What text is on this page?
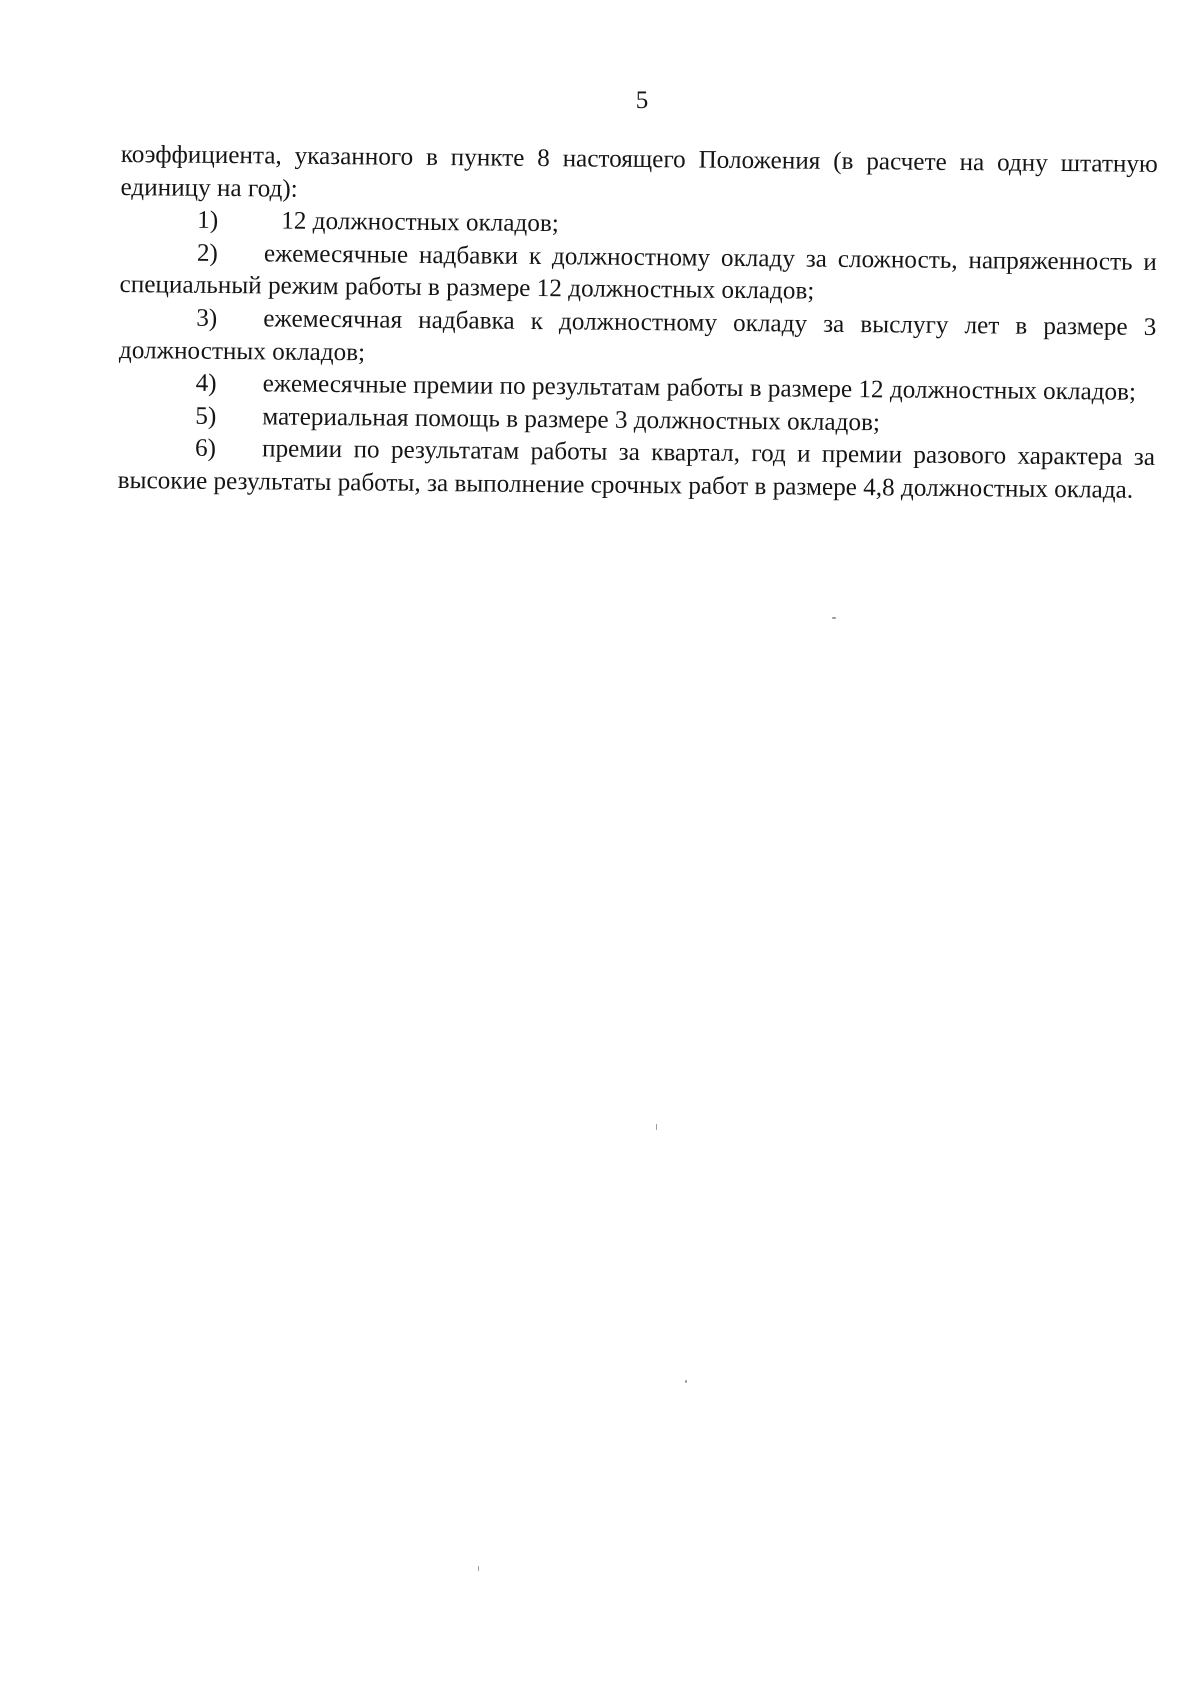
5

коэффициента, указанного в пункте 8 настоящего Положения (в расчете на одну штатную единицу на год):

1) 12 должностных окладов;

2) ежемесячные надбавки к должностному окладу за сложность, напряженность и специальный режим работы в размере 12 должностных окладов;

3) ежемесячная надбавка к должностному окладу за выслугу лет в размере 3 должностных окладов;

4) ежемесячные премии по результатам работы в размере 12 должностных окладов;

5) материальная помощь в размере 3 должностных окладов;

6) премии по результатам работы за квартал, год и премии разового характера за высокие результаты работы, за выполнение срочных работ в размере 4,8 должностных оклада.
